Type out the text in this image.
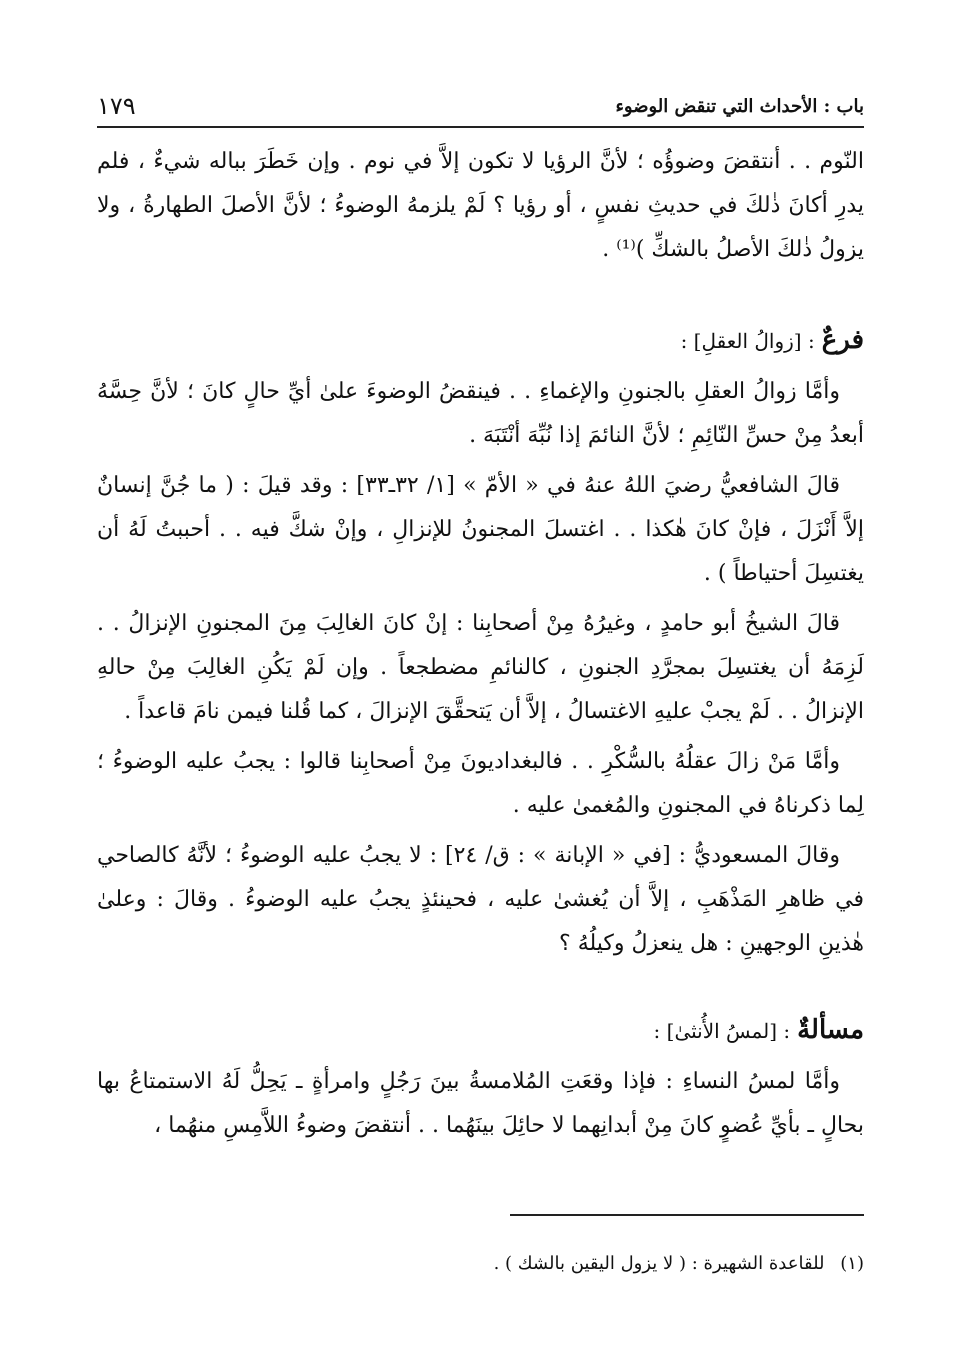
باب : الأحداث التي تنقض الوضوء
١٧٩

النّوم . . أنتقضَ وضوؤُه ؛ لأنَّ الرؤيا لا تكون إلاَّ في نوم . وإن خَطَرَ بباله شيءٌ ، فلم يدرِ أكانَ ذٰلكَ في حديثِ نفسٍ ، أو رؤيا ؟ لَمْ يلزمهُ الوضوءُ ؛ لأنَّ الأصلَ الطهارةُ ، ولا يزولُ ذٰلكَ الأصلُ بالشكِّ )⁽¹⁾ .

فرعٌ : [زوالُ العقلِ] :

وأمَّا زوالُ العقلِ بالجنونِ والإغماءِ . . فينقضُ الوضوءَ علىٰ أيِّ حالٍ كانَ ؛ لأنَّ حِسَّهُ أبعدُ مِنْ حسِّ النّائِمِ ؛ لأنَّ النائمَ إذا نُبِّهَ أنْتَبَهَ .

قالَ الشافعيُّ رضيَ اللهُ عنهُ في « الأمّ » [١/ ٣٢ـ٣٣] : وقد قيلَ : ( ما جُنَّ إنسانٌ إلاَّ أَنْزَلَ ، فإنْ كانَ هٰكذا . . اغتسلَ المجنونُ للإنزالِ ، وإنْ شكَّ فيه . . أحببتُ لَهُ أن يغتسِلَ أحتياطاً ) .

قالَ الشيخُ أبو حامدٍ ، وغيرُهُ مِنْ أصحابِنا : إنْ كانَ الغالِبَ مِنَ المجنونِ الإنزالُ . . لَزِمَهُ أن يغتسِلَ بمجرَّدِ الجنونِ ، كالنائمِ مضطجعاً . وإن لَمْ يَكُنِ الغالِبَ مِنْ حالهِ الإنزالُ . . لَمْ يجبْ عليهِ الاغتسالُ ، إلاَّ أن يَتحقَّقَ الإنزالَ ، كما قُلنا فيمن نامَ قاعداً .

وأمَّا مَنْ زالَ عقلُهُ بالسُّكْرِ . . فالبغداديونَ مِنْ أصحابِنا قالوا : يجبُ عليه الوضوءُ ؛ لِما ذكرناهُ في المجنونِ والمُغمىٰ عليه .

وقالَ المسعوديُّ : [في « الإبانة » : ق/ ٢٤] : لا يجبُ عليه الوضوءُ ؛ لأنَّهُ كالصاحي في ظاهرِ المَذْهَبِ ، إلاَّ أن يُغشىٰ عليه ، فحينئذٍ يجبُ عليه الوضوءُ . وقالَ : وعلىٰ هٰذينِ الوجهينِ : هل ينعزلُ وكيلُهُ ؟

مسألةٌ : [لمسُ الأُنثىٰ] :

وأمَّا لمسُ النساءِ : فإذا وقعَتِ المُلامسةُ بينَ رَجُلٍ وامرأةٍ ـ يَحِلُّ لَهُ الاستمتاعُ بها بحالٍ ـ بأيِّ عُضوٍ كانَ مِنْ أبدانِهما لا حائِلَ بينَهُما . . أنتقضَ وضوءُ اللاَّمِسِ منهُما ،

(١) للقاعدة الشهيرة : ( لا يزول اليقين بالشك ) .
